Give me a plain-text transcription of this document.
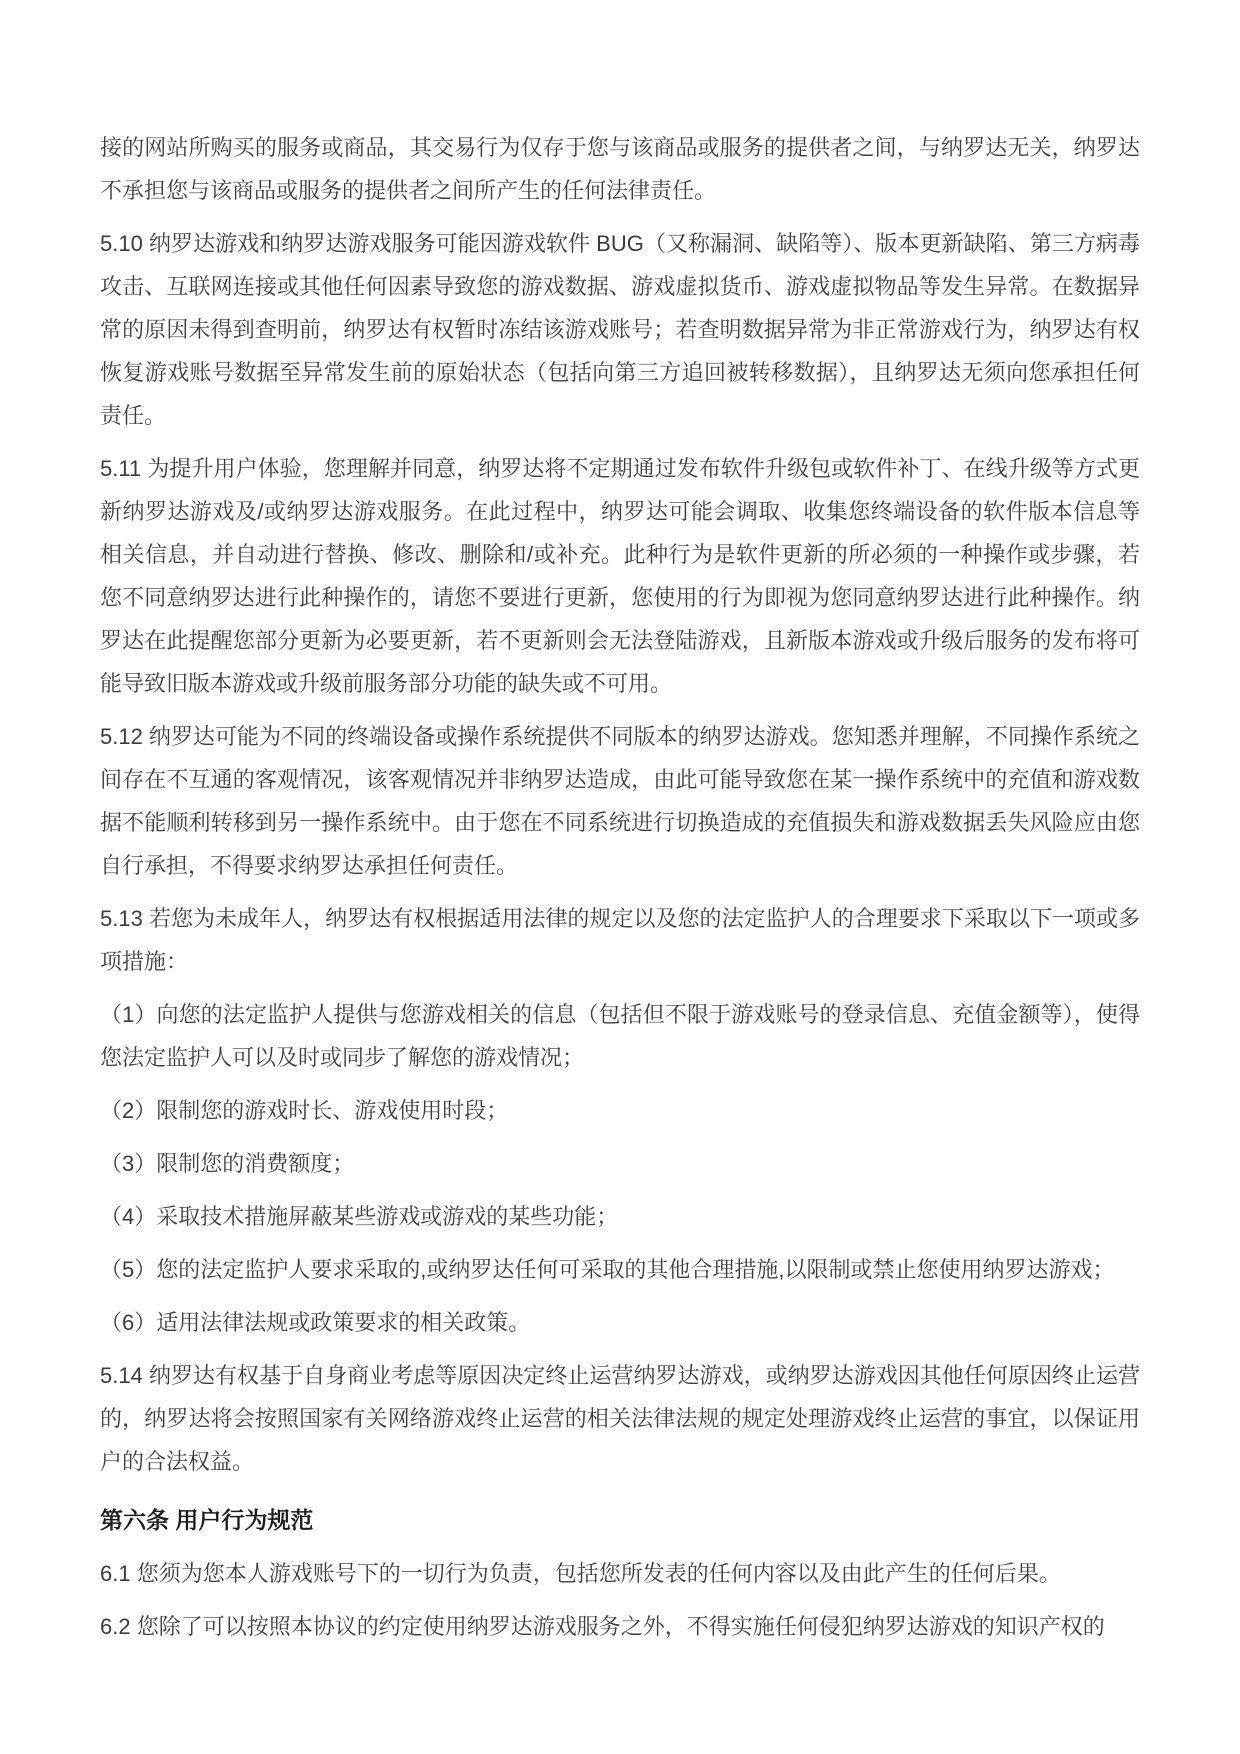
接的网站所购买的服务或商品，其交易行为仅存于您与该商品或服务的提供者之间，与纳罗达无关，纳罗达不承担您与该商品或服务的提供者之间所产生的任何法律责任。

5.10 纳罗达游戏和纳罗达游戏服务可能因游戏软件 BUG（又称漏洞、缺陷等）、版本更新缺陷、第三方病毒攻击、互联网连接或其他任何因素导致您的游戏数据、游戏虚拟货币、游戏虚拟物品等发生异常。在数据异常的原因未得到查明前，纳罗达有权暂时冻结该游戏账号；若查明数据异常为非正常游戏行为，纳罗达有权恢复游戏账号数据至异常发生前的原始状态（包括向第三方追回被转移数据），且纳罗达无须向您承担任何责任。

5.11 为提升用户体验，您理解并同意，纳罗达将不定期通过发布软件升级包或软件补丁、在线升级等方式更新纳罗达游戏及/或纳罗达游戏服务。在此过程中，纳罗达可能会调取、收集您终端设备的软件版本信息等相关信息，并自动进行替换、修改、删除和/或补充。此种行为是软件更新的所必须的一种操作或步骤，若您不同意纳罗达进行此种操作的，请您不要进行更新，您使用的行为即视为您同意纳罗达进行此种操作。纳罗达在此提醒您部分更新为必要更新，若不更新则会无法登陆游戏，且新版本游戏或升级后服务的发布将可能导致旧版本游戏或升级前服务部分功能的缺失或不可用。

5.12 纳罗达可能为不同的终端设备或操作系统提供不同版本的纳罗达游戏。您知悉并理解，不同操作系统之间存在不互通的客观情况，该客观情况并非纳罗达造成，由此可能导致您在某一操作系统中的充值和游戏数据不能顺利转移到另一操作系统中。由于您在不同系统进行切换造成的充值损失和游戏数据丢失风险应由您自行承担，不得要求纳罗达承担任何责任。

5.13 若您为未成年人，纳罗达有权根据适用法律的规定以及您的法定监护人的合理要求下采取以下一项或多项措施：

（1）向您的法定监护人提供与您游戏相关的信息（包括但不限于游戏账号的登录信息、充值金额等），使得您法定监护人可以及时或同步了解您的游戏情况；

（2）限制您的游戏时长、游戏使用时段；

（3）限制您的消费额度；

（4）采取技术措施屏蔽某些游戏或游戏的某些功能；

（5）您的法定监护人要求采取的,或纳罗达任何可采取的其他合理措施,以限制或禁止您使用纳罗达游戏；

（6）适用法律法规或政策要求的相关政策。

5.14 纳罗达有权基于自身商业考虑等原因决定终止运营纳罗达游戏，或纳罗达游戏因其他任何原因终止运营的，纳罗达将会按照国家有关网络游戏终止运营的相关法律法规的规定处理游戏终止运营的事宜，以保证用户的合法权益。

第六条 用户行为规范

6.1 您须为您本人游戏账号下的一切行为负责，包括您所发表的任何内容以及由此产生的任何后果。

6.2 您除了可以按照本协议的约定使用纳罗达游戏服务之外，不得实施任何侵犯纳罗达游戏的知识产权的
